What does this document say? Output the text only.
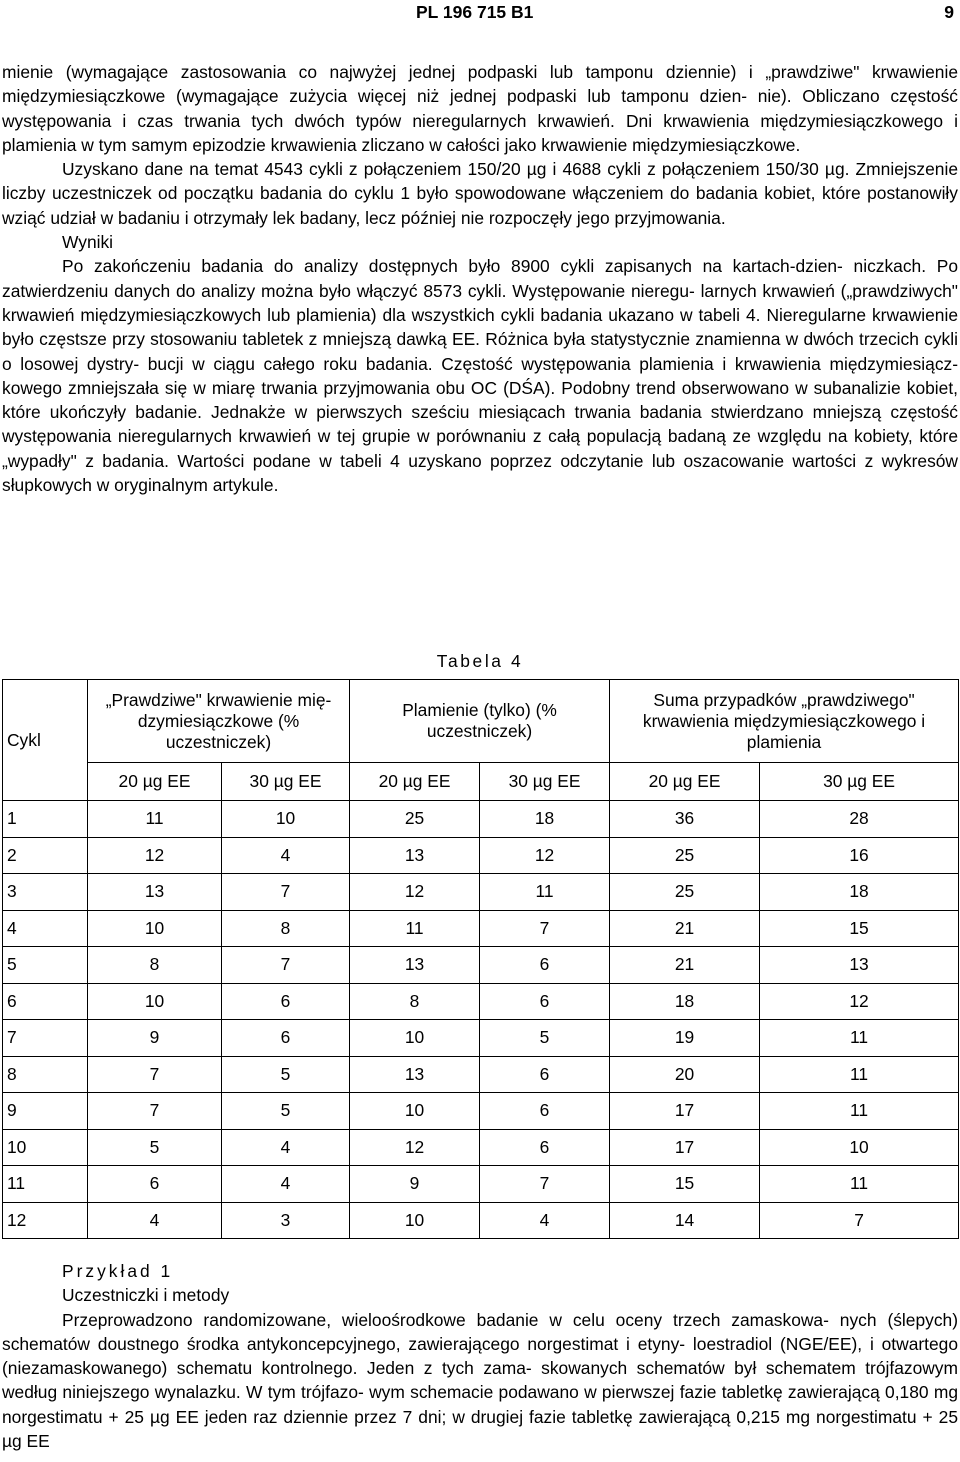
PL 196 715 B1	9

mienie (wymagające zastosowania co najwyżej jednej podpaski lub tamponu dziennie) i „prawdziwe" krwawienie międzymiesiączkowe (wymagające zużycia więcej niż jednej podpaski lub tamponu dzien- nie). Obliczano częstość występowania i czas trwania tych dwóch typów nieregularnych krwawień. Dni krwawienia międzymiesiączkowego i plamienia w tym samym epizodzie krwawienia zliczano w całości jako krwawienie międzymiesiączkowe.

Uzyskano dane na temat 4543 cykli z połączeniem 150/20 µg i 4688 cykli z połączeniem 150/30 µg. Zmniejszenie liczby uczestniczek od początku badania do cyklu 1 było spowodowane włączeniem do badania kobiet, które postanowiły wziąć udział w badaniu i otrzymały lek badany, lecz później nie rozpoczęły jego przyjmowania.

Wyniki

Po zakończeniu badania do analizy dostępnych było 8900 cykli zapisanych na kartach-dzien- niczkach. Po zatwierdzeniu danych do analizy można było włączyć 8573 cykli. Występowanie nieregu- larnych krwawień („prawdziwych" krwawień międzymiesiączkowych lub plamienia) dla wszystkich cykli badania ukazano w tabeli 4. Nieregularne krwawienie było częstsze przy stosowaniu tabletek z mniejszą dawką EE. Różnica była statystycznie znamienna w dwóch trzecich cykli o losowej dystry- bucji w ciągu całego roku badania. Częstość występowania plamienia i krwawienia międzymiesiącz- kowego zmniejszała się w miarę trwania przyjmowania obu OC (DŚA). Podobny trend obserwowano w subanalizie kobiet, które ukończyły badanie. Jednakże w pierwszych sześciu miesiącach trwania badania stwierdzano mniejszą częstość występowania nieregularnych krwawień w tej grupie w porównaniu z całą populacją badaną ze względu na kobiety, które „wypadły" z badania. Wartości podane w tabeli 4 uzyskano poprzez odczytanie lub oszacowanie wartości z wykresów słupkowych w oryginalnym artykule.

Tabela 4
Cykl	„Prawdziwe" krwawienie mię- dzymiesiączkowe (% uczestniczek)		Plamienie (tylko) (% uczestniczek)		Suma przypadków „prawdziwego" krwawienia międzymiesiączkowego i plamienia	
	20 µg EE	30 µg EE	20 µg EE	30 µg EE	20 µg EE	30 µg EE
1	11	10	25	18	36	28
2	12	4	13	12	25	16
3	13	7	12	11	25	18
4	10	8	11	7	21	15
5	8	7	13	6	21	13
6	10	6	8	6	18	12
7	9	6	10	5	19	11
8	7	5	13	6	20	11
9	7	5	10	6	17	11
10	5	4	12	6	17	10
11	6	4	9	7	15	11
12	4	3	10	4	14	7

Przykład 1

Uczestniczki i metody

Przeprowadzono randomizowane, wieloośrodkowe badanie w celu oceny trzech zamaskowa- nych (ślepych) schematów doustnego środka antykoncepcyjnego, zawierającego norgestimat i etyny- loestradiol (NGE/EE), i otwartego (niezamaskowanego) schematu kontrolnego. Jeden z tych zama- skowanych schematów był schematem trójfazowym według niniejszego wynalazku. W tym trójfazo- wym schemacie podawano w pierwszej fazie tabletkę zawierającą 0,180 mg norgestimatu + 25 µg EE jeden raz dziennie przez 7 dni; w drugiej fazie tabletkę zawierającą 0,215 mg norgestimatu + 25 µg EE
